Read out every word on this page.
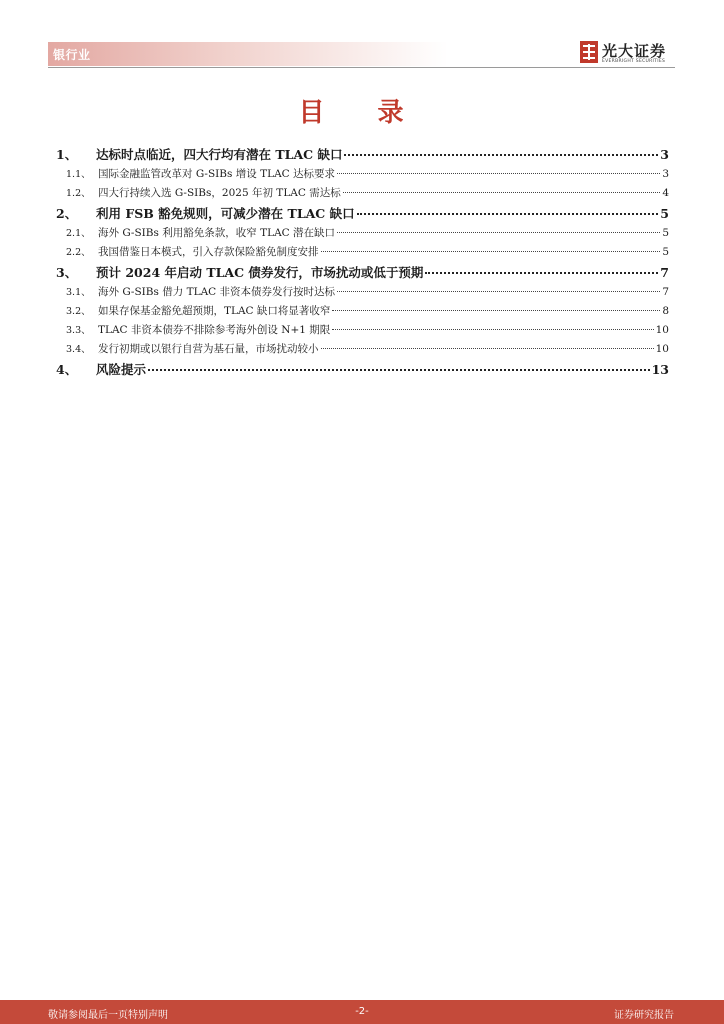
银行业	光大证券
EVERBRIGHT SECURITIES
目 录
1、	达标时点临近，四大行均有潜在 TLAC 缺口	3
1.1、 国际金融监管改革对 G-SIBs 增设 TLAC 达标要求	3
1.2、 四大行持续入选 G-SIBs，2025 年初 TLAC 需达标	4
2、	利用 FSB 豁免规则，可减少潜在 TLAC 缺口	5
2.1、 海外 G-SIBs 利用豁免条款，收窄 TLAC 潜在缺口	5
2.2、 我国借鉴日本模式，引入存款保险豁免制度安排	5
3、	预计 2024 年启动 TLAC 债券发行，市场扰动或低于预期	7
3.1、 海外 G-SIBs 借力 TLAC 非资本债券发行按时达标	7
3.2、 如果存保基金豁免超预期，TLAC 缺口将显著收窄	8
3.3、 TLAC 非资本债券不排除参考海外创设 N+1 期限	10
3.4、 发行初期或以银行自营为基石量，市场扰动较小	10
4、	风险提示	13
敬请参阅最后一页特别声明	-2-	证券研究报告
